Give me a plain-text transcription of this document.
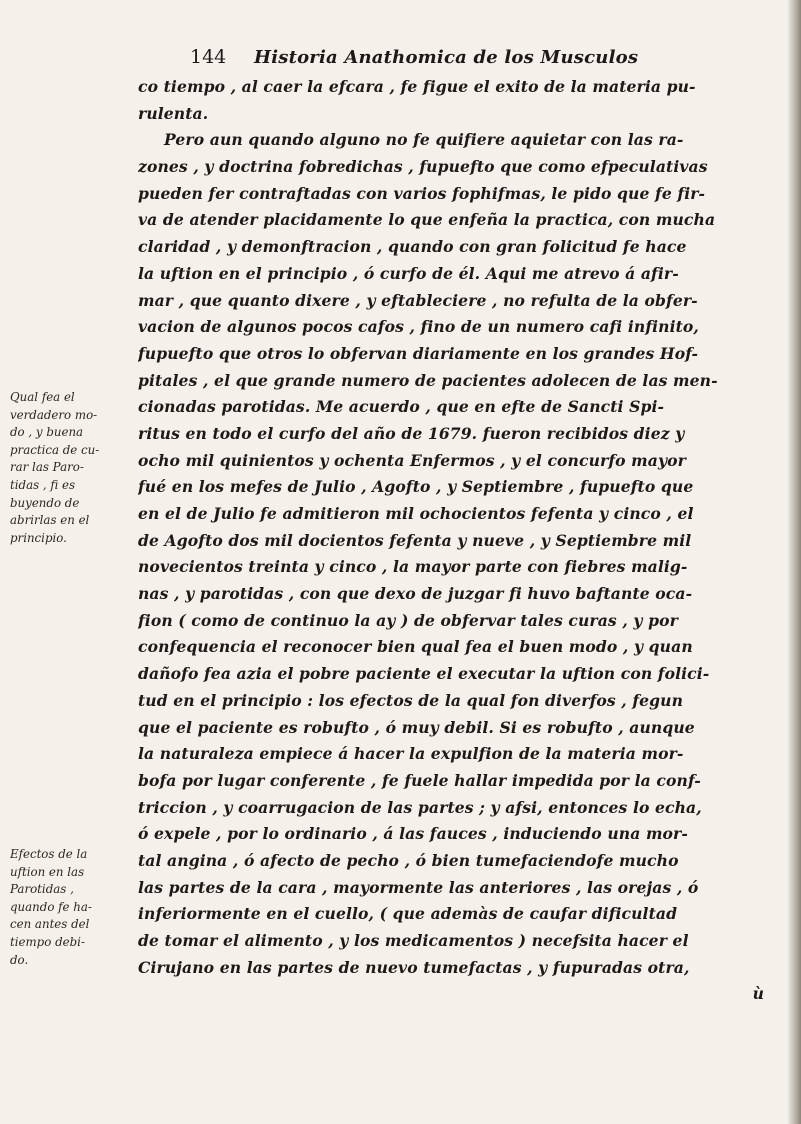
144 Historia Anathomica de los Musculos
co tiempo , al caer la efcara , fe figue el exito de la materia pu-
rulenta.
Pero aun quando alguno no fe quifiere aquietar con las ra-
zones , y doctrina fobredichas , fupuefto que como efpeculativas
pueden fer contraftadas con varios fophifmas, le pido que fe fir-
va de atender placidamente lo que enfeña la practica, con mucha
claridad , y demonftracion , quando con gran folicitud fe hace
la uftion en el principio , ó curfo de él. Aqui me atrevo á afir-
mar , que quanto dixere , y eftableciere , no refulta de la obfer-
vacion de algunos pocos cafos , fino de un numero cafi infinito,
fupuefto que otros lo obfervan diariamente en los grandes Hof-
pitales , el que grande numero de pacientes adolecen de las men-
cionadas parotidas. Me acuerdo , que en efte de Sancti Spi-
ritus en todo el curfo del año de 1679. fueron recibidos diez y
ocho mil quinientos y ochenta Enfermos , y el concurfo mayor
fué en los mefes de Julio , Agofto , y Septiembre , fupuefto que
en el de Julio fe admitieron mil ochocientos fefenta y cinco , el
de Agofto dos mil docientos fefenta y nueve , y Septiembre mil
novecientos treinta y cinco , la mayor parte con fiebres malig-
nas , y parotidas , con que dexo de juzgar fi huvo baftante oca-
fion ( como de continuo la ay ) de obfervar tales curas , y por
confequencia el reconocer bien qual fea el buen modo , y quan
dañofo fea azia el pobre paciente el executar la uftion con folici-
tud en el principio : los efectos de la qual fon diverfos , fegun
que el paciente es robufto , ó muy debil. Si es robufto , aunque
la naturaleza empiece á hacer la expulfion de la materia mor-
bofa por lugar conferente , fe fuele hallar impedida por la conf-
triccion , y coarrugacion de las partes ; y afsi, entonces lo echa,
ó expele , por lo ordinario , á las fauces , induciendo una mor-
tal angina , ó afecto de pecho , ó bien tumefaciendofe mucho
las partes de la cara , mayormente las anteriores , las orejas , ó
inferiormente en el cuello, ( que ademàs de caufar dificultad
de tomar el alimento , y los medicamentos ) necefsita hacer el
Cirujano en las partes de nuevo tumefactas , y fupuradas otra,
ù
Qual fea el
verdadero mo-
do , y buena
practica de cu-
rar las Paro-
tidas , fi es
buyendo de
abrirlas en el
principio.
Efectos de la
uftion en las
Parotidas ,
quando fe ha-
cen antes del
tiempo debi-
do.
